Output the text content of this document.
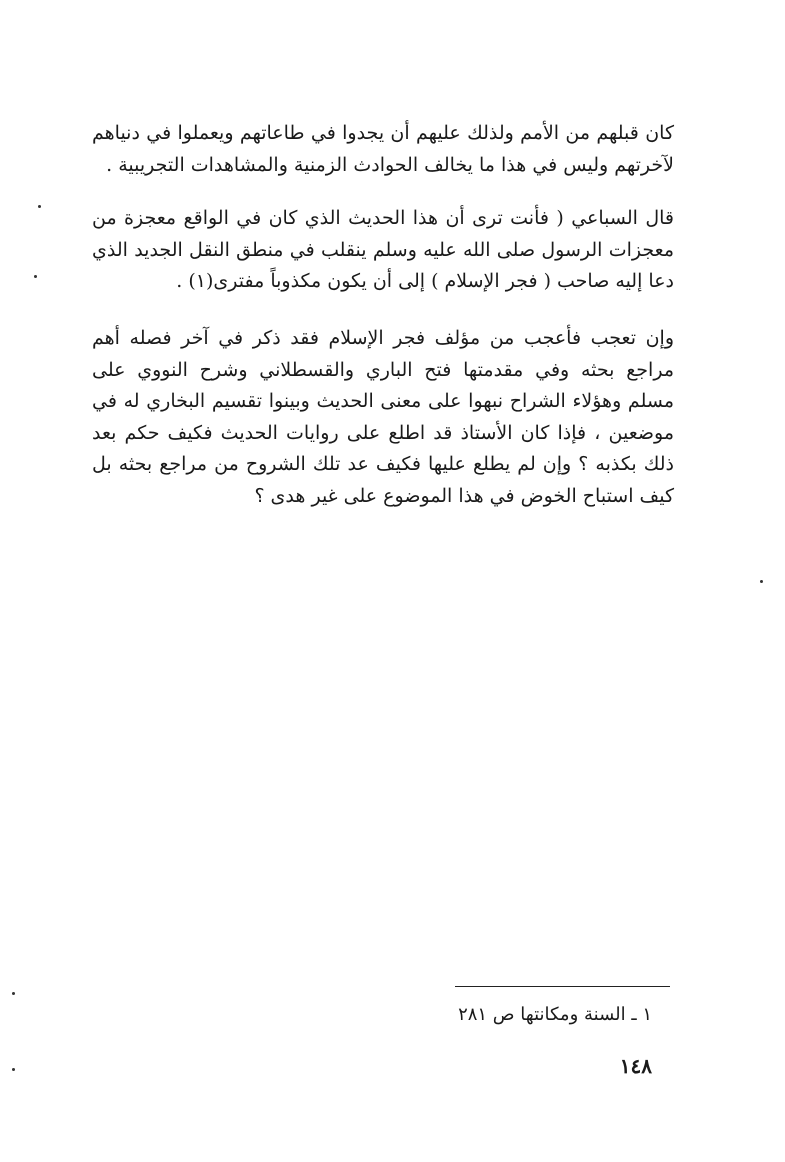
كان قبلهم من الأمم ولذلك عليهم أن يجدوا في طاعاتهم ويعملوا في دنياهم لآخرتهم وليس في هذا ما يخالف الحوادث الزمنية والمشاهدات التجريبية .

قال السباعي ( فأنت ترى أن هذا الحديث الذي كان في الواقع معجزة من معجزات الرسول صلى الله عليه وسلم ينقلب في منطق النقل الجديد الذي دعا إليه صاحب ( فجر الإسلام ) إلى أن يكون مكذوباً مفترى(١) .

وإن تعجب فأعجب من مؤلف فجر الإسلام فقد ذكر في آخر فصله أهم مراجع بحثه وفي مقدمتها فتح الباري والقسطلاني وشرح النووي على مسلم وهؤلاء الشراح نبهوا على معنى الحديث وبينوا تقسيم البخاري له في موضعين ، فإذا كان الأستاذ قد اطلع على روايات الحديث فكيف حكم بعد ذلك بكذبه ؟ وإن لم يطلع عليها فكيف عد تلك الشروح من مراجع بحثه بل كيف استباح الخوض في هذا الموضوع على غير هدى ؟

١ ـ السنة ومكانتها ص ٢٨١
١٤٨
